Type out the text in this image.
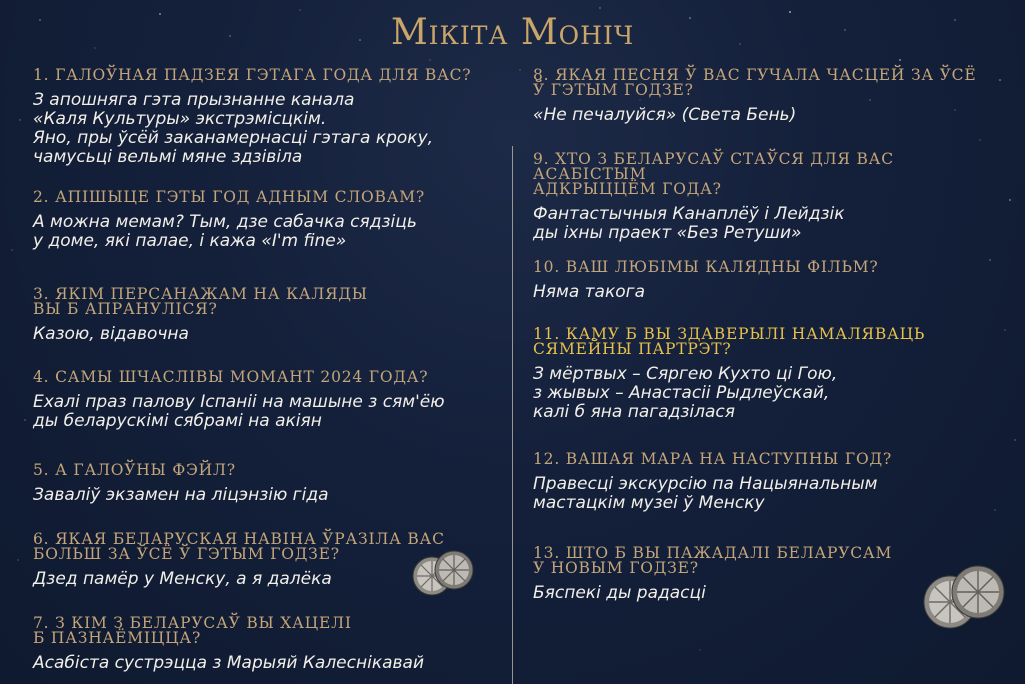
Мікіта Моніч
1. ГАЛОЎНАЯ ПАДЗЕЯ ГЭТАГА ГОДА ДЛЯ ВАС?
З апошняга гэта прызнанне канала
«Каля Культуры» экстрэмісцкім.
Яно, пры ўсёй заканамернасці гэтага кроку,
чамусьці вельмі мяне здзівіла
2. АПІШЫЦЕ ГЭТЫ ГОД АДНЫМ СЛОВАМ?
А можна мемам? Тым, дзе сабачка сядзіць
у доме, які палае, і кажа «I'm fine»
3. ЯКІМ ПЕРСАНАЖАМ НА КАЛЯДЫ
ВЫ Б АПРАНУЛІСЯ?
Казою, відавочна
4. САМЫ ШЧАСЛІВЫ МОМАНТ 2024 ГОДА?
Ехалі праз палову Іспаніі на машыне з сям'ёю
ды беларускімі сябрамі на акіян
5. А ГАЛОЎНЫ ФЭЙЛ?
Заваліў экзамен на ліцэнзію гіда
6. ЯКАЯ БЕЛАРУСКАЯ НАВІНА ЎРАЗІЛА ВАС
БОЛЬШ ЗА ЎСЁ Ў ГЭТЫМ ГОДЗЕ?
Дзед памёр у Менску, а я далёка
7. З КІМ З БЕЛАРУСАЎ ВЫ ХАЦЕЛІ
Б ПАЗНАЁМІЦЦА?
Асабіста сустрэцца з Марыяй Калеснікавай
8. ЯКАЯ ПЕСНЯ Ў ВАС ГУЧАЛА ЧАСЦЕЙ ЗА ЎСЁ
Ў ГЭТЫМ ГОДЗЕ?
«Не печалуйся» (Света Бень)
9. ХТО З БЕЛАРУСАЎ СТАЎСЯ ДЛЯ ВАС АСАБІСТЫМ
АДКРЫЦЦЁМ ГОДА?
Фантастычныя Канаплёў і Лейдзік
ды іхны праект «Без Ретуши»
10. ВАШ ЛЮБІМЫ КАЛЯДНЫ ФІЛЬМ?
Няма такога
11. КАМУ Б ВЫ ЗДАВЕРЫЛІ НАМАЛЯВАЦЬ
СЯМЕЙНЫ ПАРТРЭТ?
З мёртвых – Сяргею Кухто ці Гою,
з жывых – Анастасіі Рыдлеўскай,
калі б яна пагадзілася
12. ВАШАЯ МАРА НА НАСТУПНЫ ГОД?
Правесці экскурсію па Нацыянальным
мастацкім музеі ў Менску
13. ШТО Б ВЫ ПАЖАДАЛІ БЕЛАРУСАМ
У НОВЫМ ГОДЗЕ?
Бяспекі ды радасці
